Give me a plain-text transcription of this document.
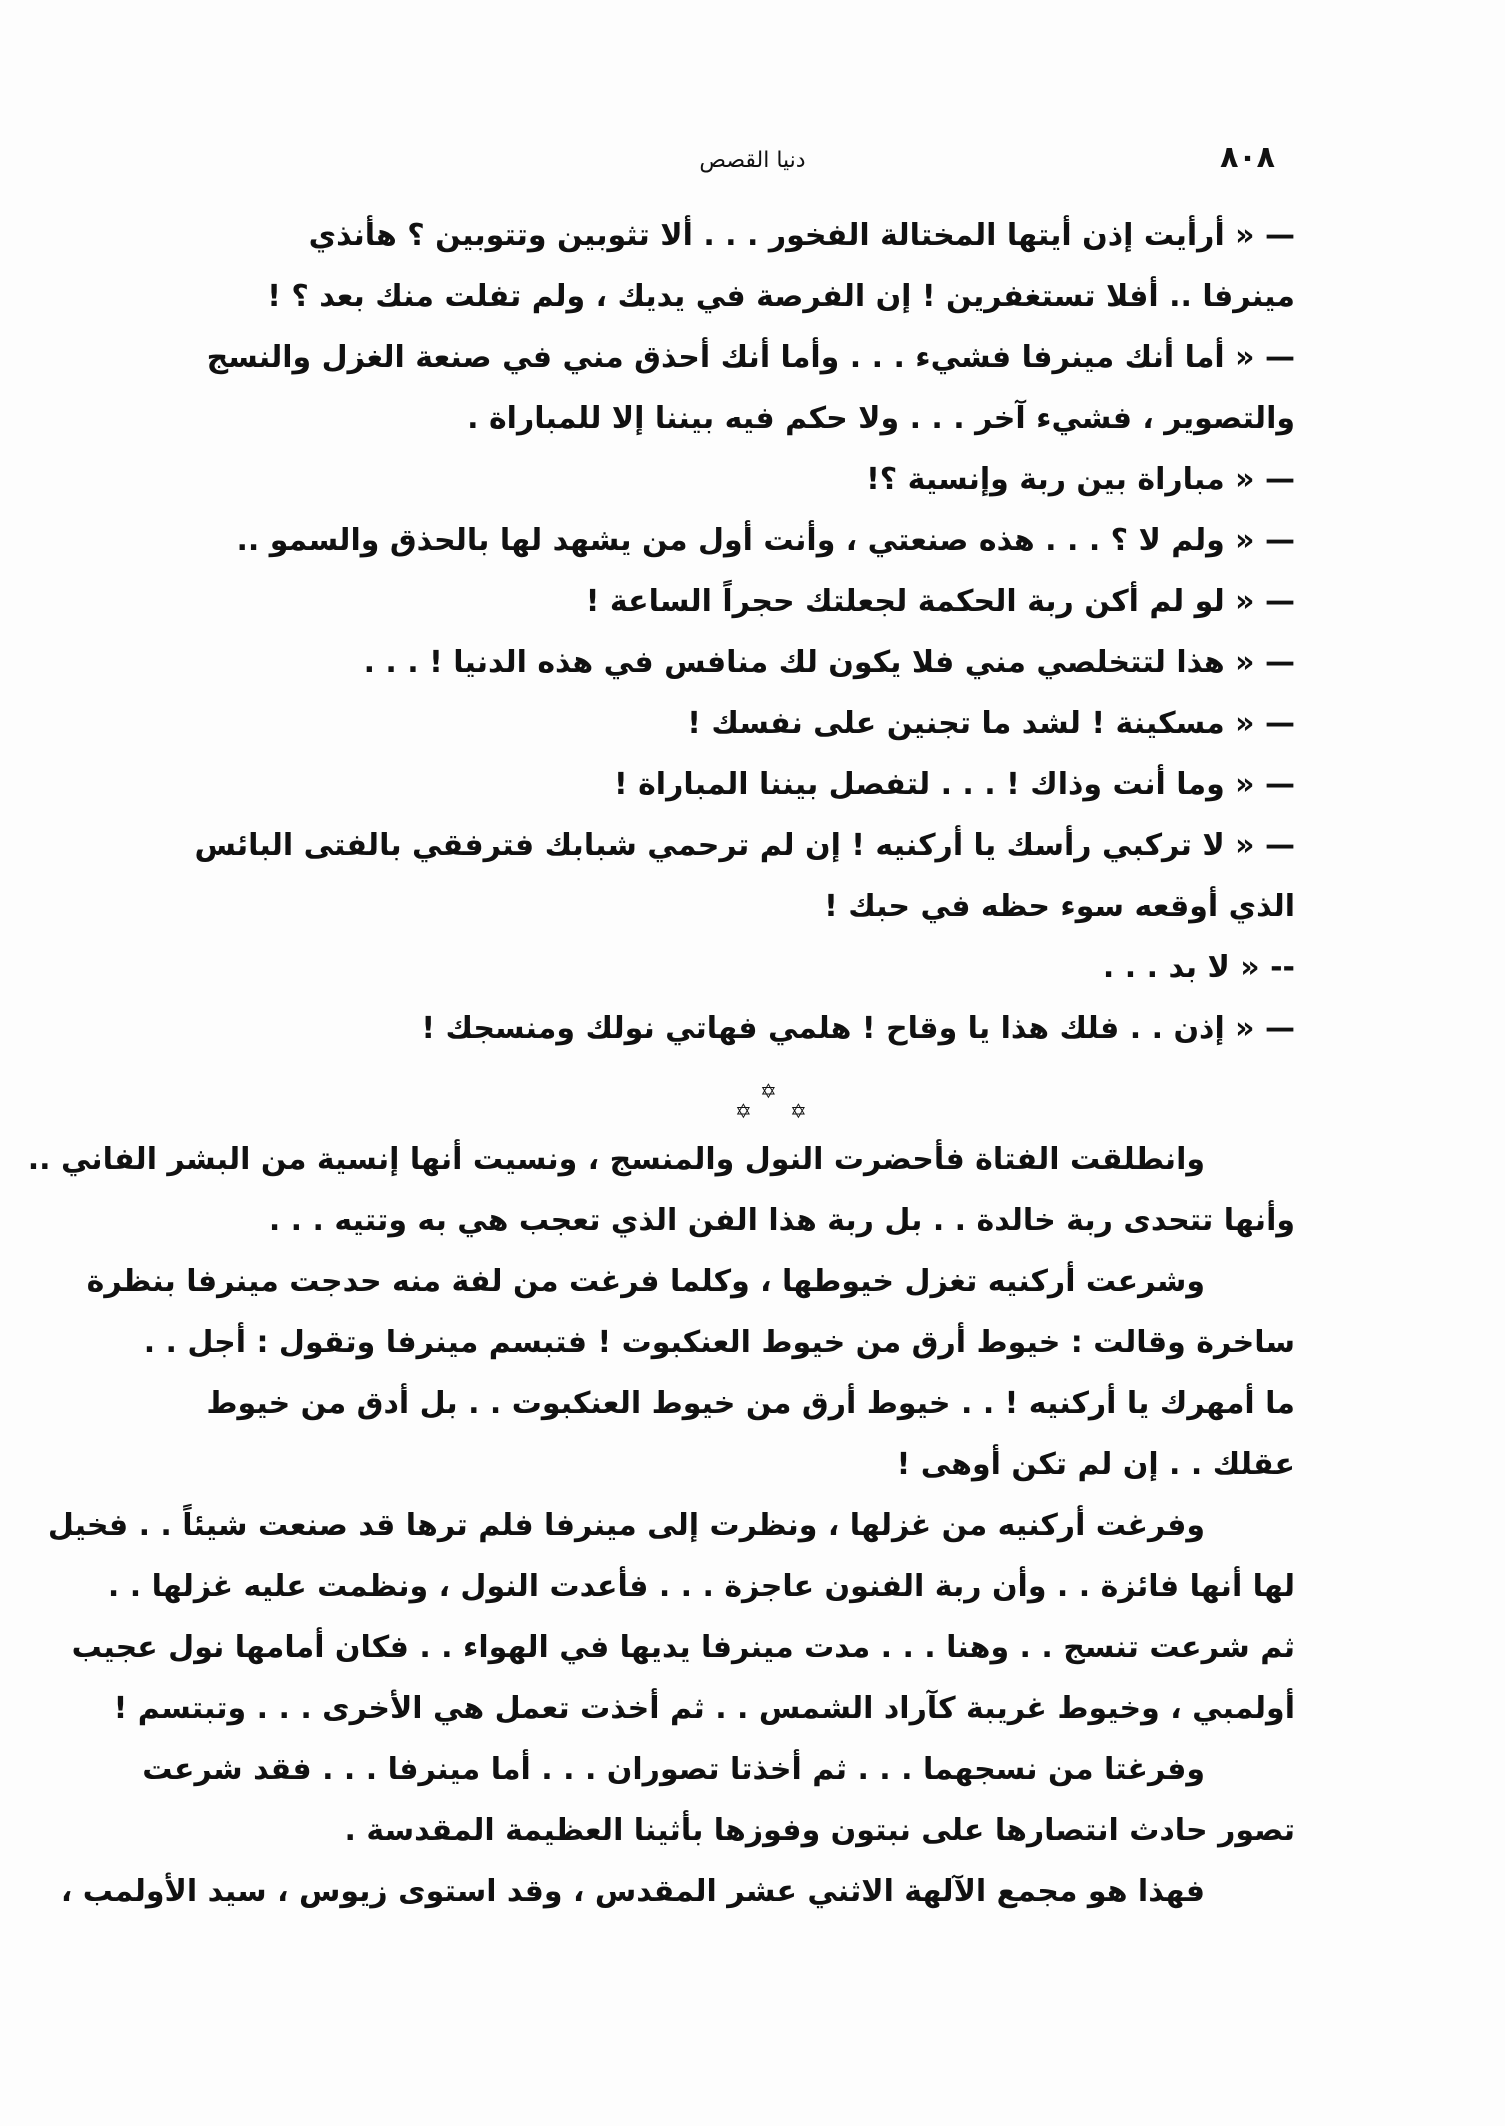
٨٠٨
دنيا القصص
— « أرأيت إذن أيتها المختالة الفخور . . . ألا تثوبين وتتوبين ؟ هأنذي
مينرفا .. أفلا تستغفرين ! إن الفرصة في يديك ، ولم تفلت منك بعد ؟ !
— « أما أنك مينرفا فشيء . . . وأما أنك أحذق مني في صنعة الغزل والنسج
والتصوير ، فشيء آخر . . . ولا حكم فيه بيننا إلا للمباراة .
— « مباراة بين ربة وإنسية ؟!
— « ولم لا ؟ . . . هذه صنعتي ، وأنت أول من يشهد لها بالحذق والسمو ..
— « لو لم أكن ربة الحكمة لجعلتك حجراً الساعة !
— « هذا لتتخلصي مني فلا يكون لك منافس في هذه الدنيا ! . . .
— « مسكينة ! لشد ما تجنين على نفسك !
— « وما أنت وذاك ! . . . لتفصل بيننا المباراة !
— « لا تركبي رأسك يا أركنيه ! إن لم ترحمي شبابك فترفقي بالفتى البائس
الذي أوقعه سوء حظه في حبك !
-- « لا بد . . .
— « إذن . . فلك هذا يا وقاح ! هلمي فهاتي نولك ومنسجك !
✡
✡ ✡
وانطلقت الفتاة فأحضرت النول والمنسج ، ونسيت أنها إنسية من البشر الفاني ..
وأنها تتحدى ربة خالدة . . بل ربة هذا الفن الذي تعجب هي به وتتيه . . .
وشرعت أركنيه تغزل خيوطها ، وكلما فرغت من لفة منه حدجت مينرفا بنظرة
ساخرة وقالت : خيوط أرق من خيوط العنكبوت ! فتبسم مينرفا وتقول : أجل . .
ما أمهرك يا أركنيه ! . . خيوط أرق من خيوط العنكبوت . . بل أدق من خيوط
عقلك . . إن لم تكن أوهى !
وفرغت أركنيه من غزلها ، ونظرت إلى مينرفا فلم ترها قد صنعت شيئاً . . فخيل
لها أنها فائزة . . وأن ربة الفنون عاجزة . . . فأعدت النول ، ونظمت عليه غزلها . .
ثم شرعت تنسج . . وهنا . . . مدت مينرفا يديها في الهواء . . فكان أمامها نول عجيب
أولمبي ، وخيوط غريبة كآراد الشمس . . ثم أخذت تعمل هي الأخرى . . . وتبتسم !
وفرغتا من نسجهما . . . ثم أخذتا تصوران . . . أما مينرفا . . . فقد شرعت
تصور حادث انتصارها على نبتون وفوزها بأثينا العظيمة المقدسة .
فهذا هو مجمع الآلهة الاثني عشر المقدس ، وقد استوى زيوس ، سيد الأولمب ،
